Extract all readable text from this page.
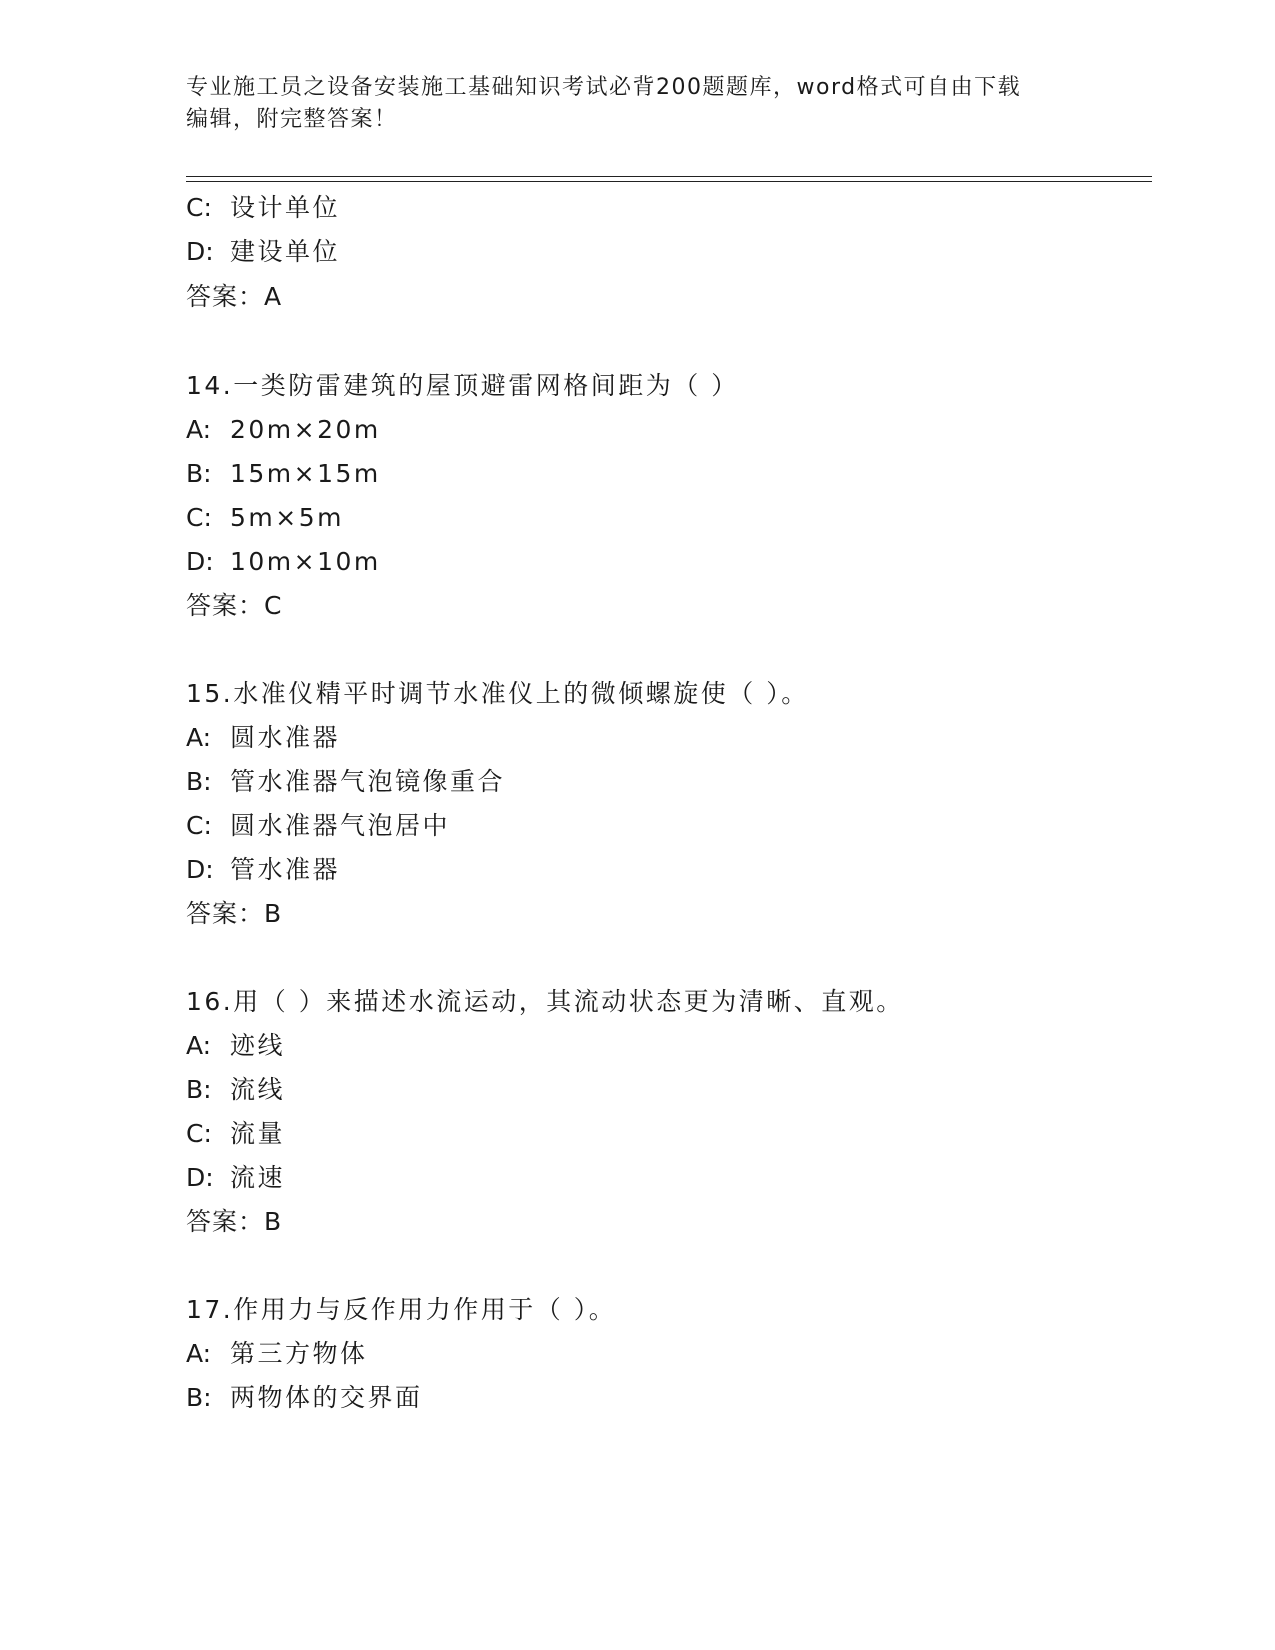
专业施工员之设备安装施工基础知识考试必背200题题库，word格式可自由下载
编辑，附完整答案！
C: 设计单位
D: 建设单位
答案：A
14.一类防雷建筑的屋顶避雷网格间距为（ ）
A: 20m×20m
B: 15m×15m
C: 5m×5m
D: 10m×10m
答案：C
15.水准仪精平时调节水准仪上的微倾螺旋使（ ）。
A: 圆水准器
B: 管水准器气泡镜像重合
C: 圆水准器气泡居中
D: 管水准器
答案：B
16.用（ ）来描述水流运动，其流动状态更为清晰、直观。
A: 迹线
B: 流线
C: 流量
D: 流速
答案：B
17.作用力与反作用力作用于（ ）。
A: 第三方物体
B: 两物体的交界面
